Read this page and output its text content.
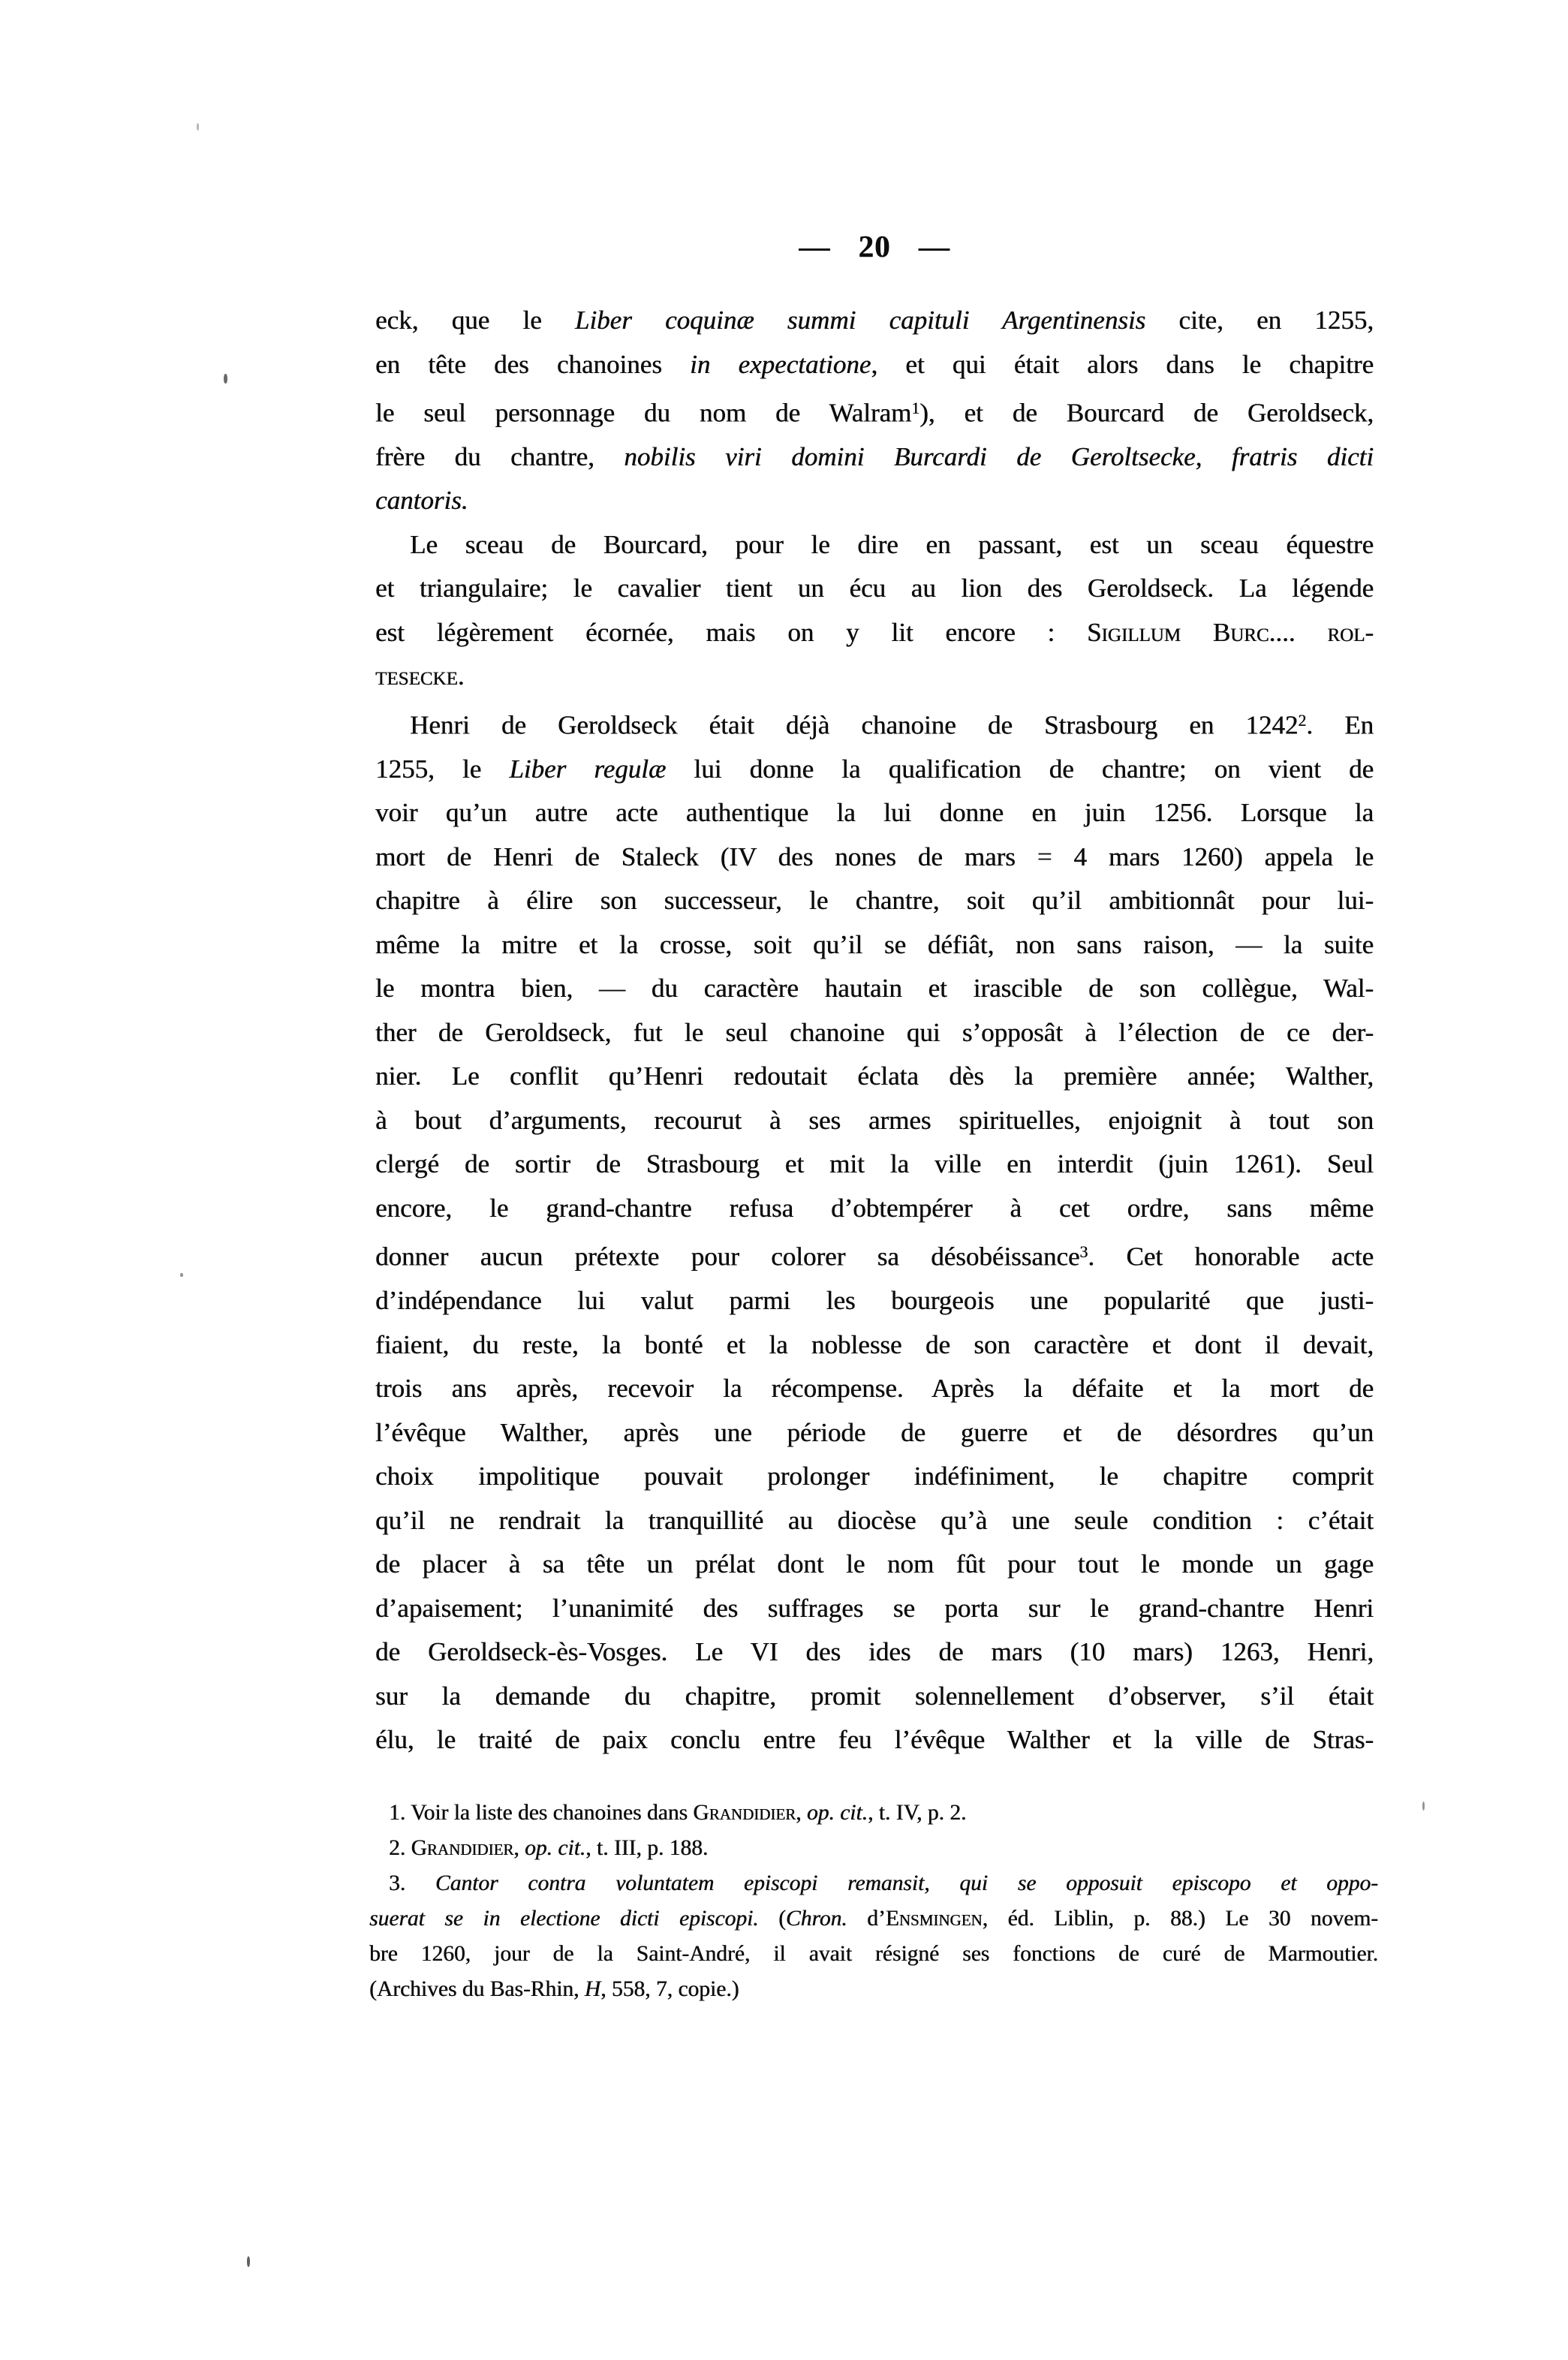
— 20 —
eck, que le Liber coquinæ summi capituli Argentinensis cite, en 1255,
en tête des chanoines in expectatione, et qui était alors dans le chapitre
le seul personnage du nom de Walram$^1$), et de Bourcard de Geroldseck,
frère du chantre, nobilis viri domini Burcardi de Geroltsecke, fratris dicti
cantoris.
Le sceau de Bourcard, pour le dire en passant, est un sceau équestre
et triangulaire; le cavalier tient un écu au lion des Geroldseck. La légende
est légèrement écornée, mais on y lit encore : Sigillum Burc.... rol-
tesecke.
Henri de Geroldseck était déjà chanoine de Strasbourg en 1242$^2$. En
1255, le Liber regulæ lui donne la qualification de chantre; on vient de
voir qu’un autre acte authentique la lui donne en juin 1256. Lorsque la
mort de Henri de Staleck (IV des nones de mars = 4 mars 1260) appela le
chapitre à élire son successeur, le chantre, soit qu’il ambitionnât pour lui-
même la mitre et la crosse, soit qu’il se défiât, non sans raison, — la suite
le montra bien, — du caractère hautain et irascible de son collègue, Wal-
ther de Geroldseck, fut le seul chanoine qui s’opposât à l’élection de ce der-
nier. Le conflit qu’Henri redoutait éclata dès la première année; Walther,
à bout d’arguments, recourut à ses armes spirituelles, enjoignit à tout son
clergé de sortir de Strasbourg et mit la ville en interdit (juin 1261). Seul
encore, le grand-chantre refusa d’obtempérer à cet ordre, sans même
donner aucun prétexte pour colorer sa désobéissance$^3$. Cet honorable acte
d’indépendance lui valut parmi les bourgeois une popularité que justi-
fiaient, du reste, la bonté et la noblesse de son caractère et dont il devait,
trois ans après, recevoir la récompense. Après la défaite et la mort de
l’évêque Walther, après une période de guerre et de désordres qu’un
choix impolitique pouvait prolonger indéfiniment, le chapitre comprit
qu’il ne rendrait la tranquillité au diocèse qu’à une seule condition : c’était
de placer à sa tête un prélat dont le nom fût pour tout le monde un gage
d’apaisement; l’unanimité des suffrages se porta sur le grand-chantre Henri
de Geroldseck-ès-Vosges. Le VI des ides de mars (10 mars) 1263, Henri,
sur la demande du chapitre, promit solennellement d’observer, s’il était
élu, le traité de paix conclu entre feu l’évêque Walther et la ville de Stras-
1. Voir la liste des chanoines dans Grandidier, op. cit., t. IV, p. 2.
2. Grandidier, op. cit., t. III, p. 188.
3. Cantor contra voluntatem episcopi remansit, qui se opposuit episcopo et oppo-
suerat se in electione dicti episcopi. (Chron. d’Ensmingen, éd. Liblin, p. 88.) Le 30 novem-
bre 1260, jour de la Saint-André, il avait résigné ses fonctions de curé de Marmoutier.
(Archives du Bas-Rhin, H, 558, 7, copie.)
